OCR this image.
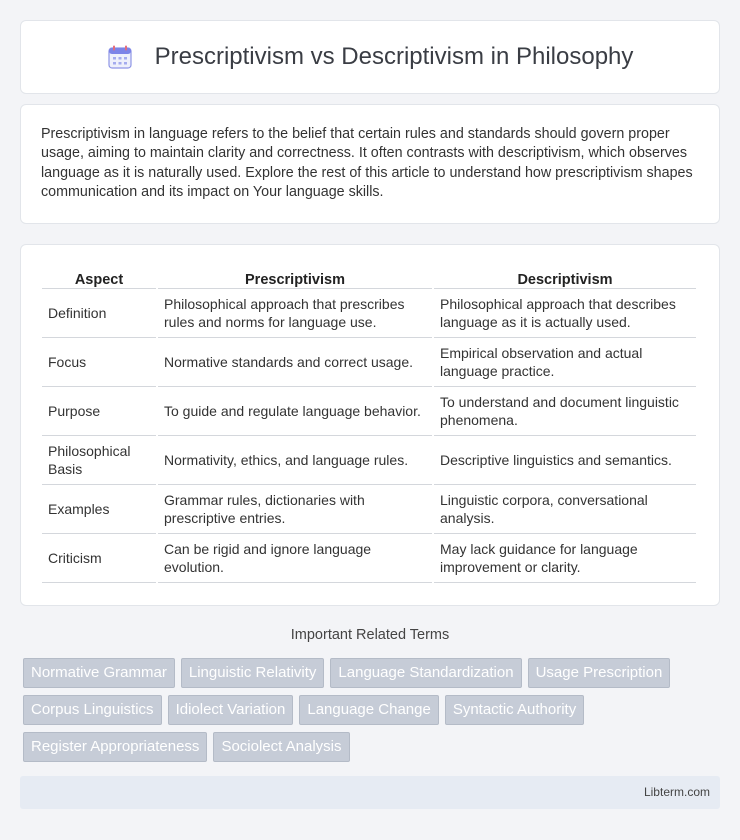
Prescriptivism vs Descriptivism in Philosophy

Prescriptivism in language refers to the belief that certain rules and standards should govern proper usage, aiming to maintain clarity and correctness. It often contrasts with descriptivism, which observes language as it is naturally used. Explore the rest of this article to understand how prescriptivism shapes communication and its impact on Your language skills.

Aspect	Prescriptivism	Descriptivism
Definition	Philosophical approach that prescribes rules and norms for language use.	Philosophical approach that describes language as it is actually used.
Focus	Normative standards and correct usage.	Empirical observation and actual language practice.
Purpose	To guide and regulate language behavior.	To understand and document linguistic phenomena.
Philosophical Basis	Normativity, ethics, and language rules.	Descriptive linguistics and semantics.
Examples	Grammar rules, dictionaries with prescriptive entries.	Linguistic corpora, conversational analysis.
Criticism	Can be rigid and ignore language evolution.	May lack guidance for language improvement or clarity.
Important Related Terms
Normative Grammar	Linguistic Relativity	Language Standardization	Usage Prescription
Corpus Linguistics	Idiolect Variation	Language Change	Syntactic Authority
Register Appropriateness	Sociolect Analysis
Libterm.com
